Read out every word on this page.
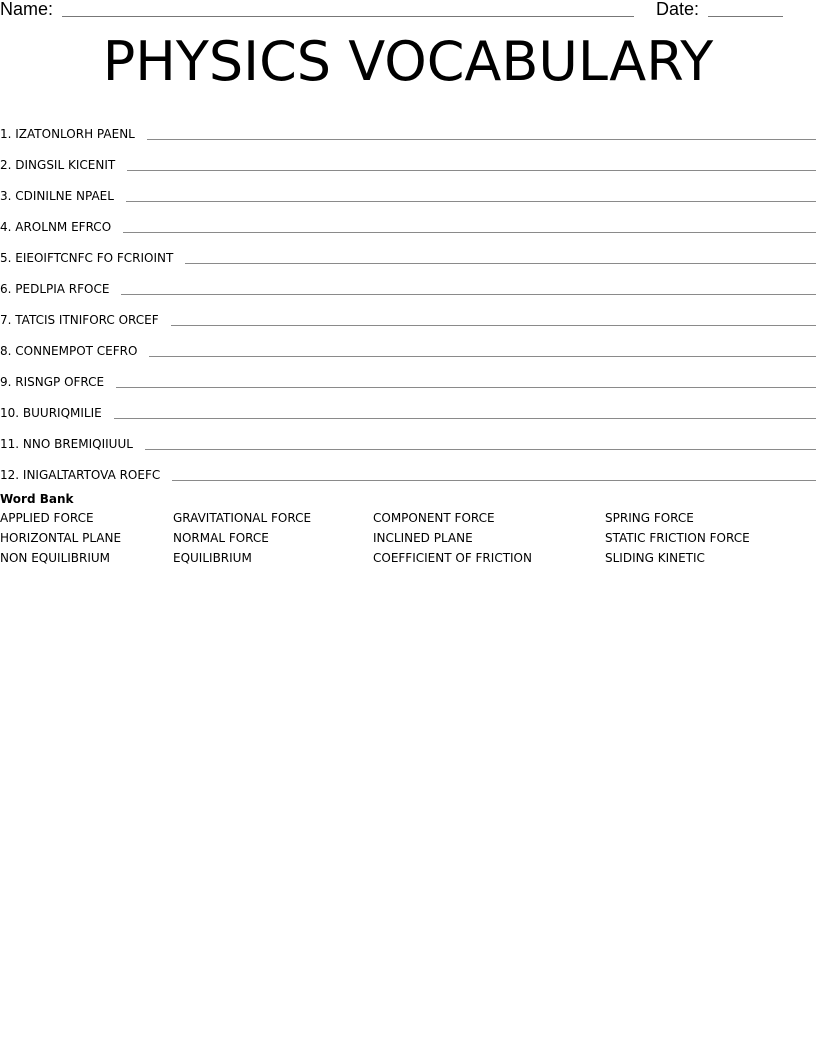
Name:	Date:
PHYSICS VOCABULARY
1. IZATONLORH PAENL
2. DINGSIL KICENIT
3. CDINILNE NPAEL
4. AROLNM EFRCO
5. EIEOIFTCNFC FO FCRIOINT
6. PEDLPIA RFOCE
7. TATCIS ITNIFORC ORCEF
8. CONNEMPOT CEFRO
9. RISNGP OFRCE
10. BUURIQMILIE
11. NNO BREMIQIIUUL
12. INIGALTARTOVA ROEFC
Word Bank
APPLIED FORCE	GRAVITATIONAL FORCE	COMPONENT FORCE	SPRING FORCE
HORIZONTAL PLANE	NORMAL FORCE	INCLINED PLANE	STATIC FRICTION FORCE
NON EQUILIBRIUM	EQUILIBRIUM	COEFFICIENT OF FRICTION	SLIDING KINETIC
